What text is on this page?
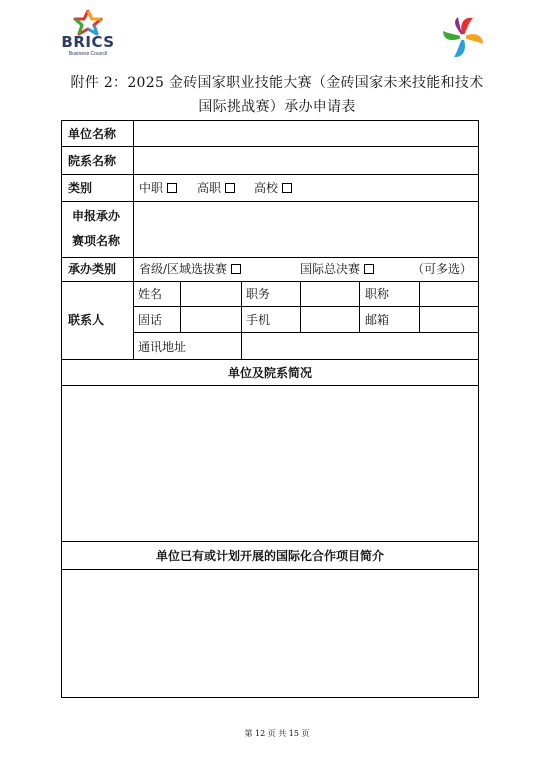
BRICS
Business Council
附件 2：2025 金砖国家职业技能大赛（金砖国家未来技能和技术
国际挑战赛）承办申请表
单位名称
院系名称
类别	中职	高职	高校
申报承办
赛项名称
承办类别 省级/区域选拔赛	国际总决赛	（可多选）
联系人
姓名	职务	职称
固话	手机	邮箱
通讯地址
单位及院系简况
单位已有或计划开展的国际化合作项目简介
第 12 页 共 15 页
